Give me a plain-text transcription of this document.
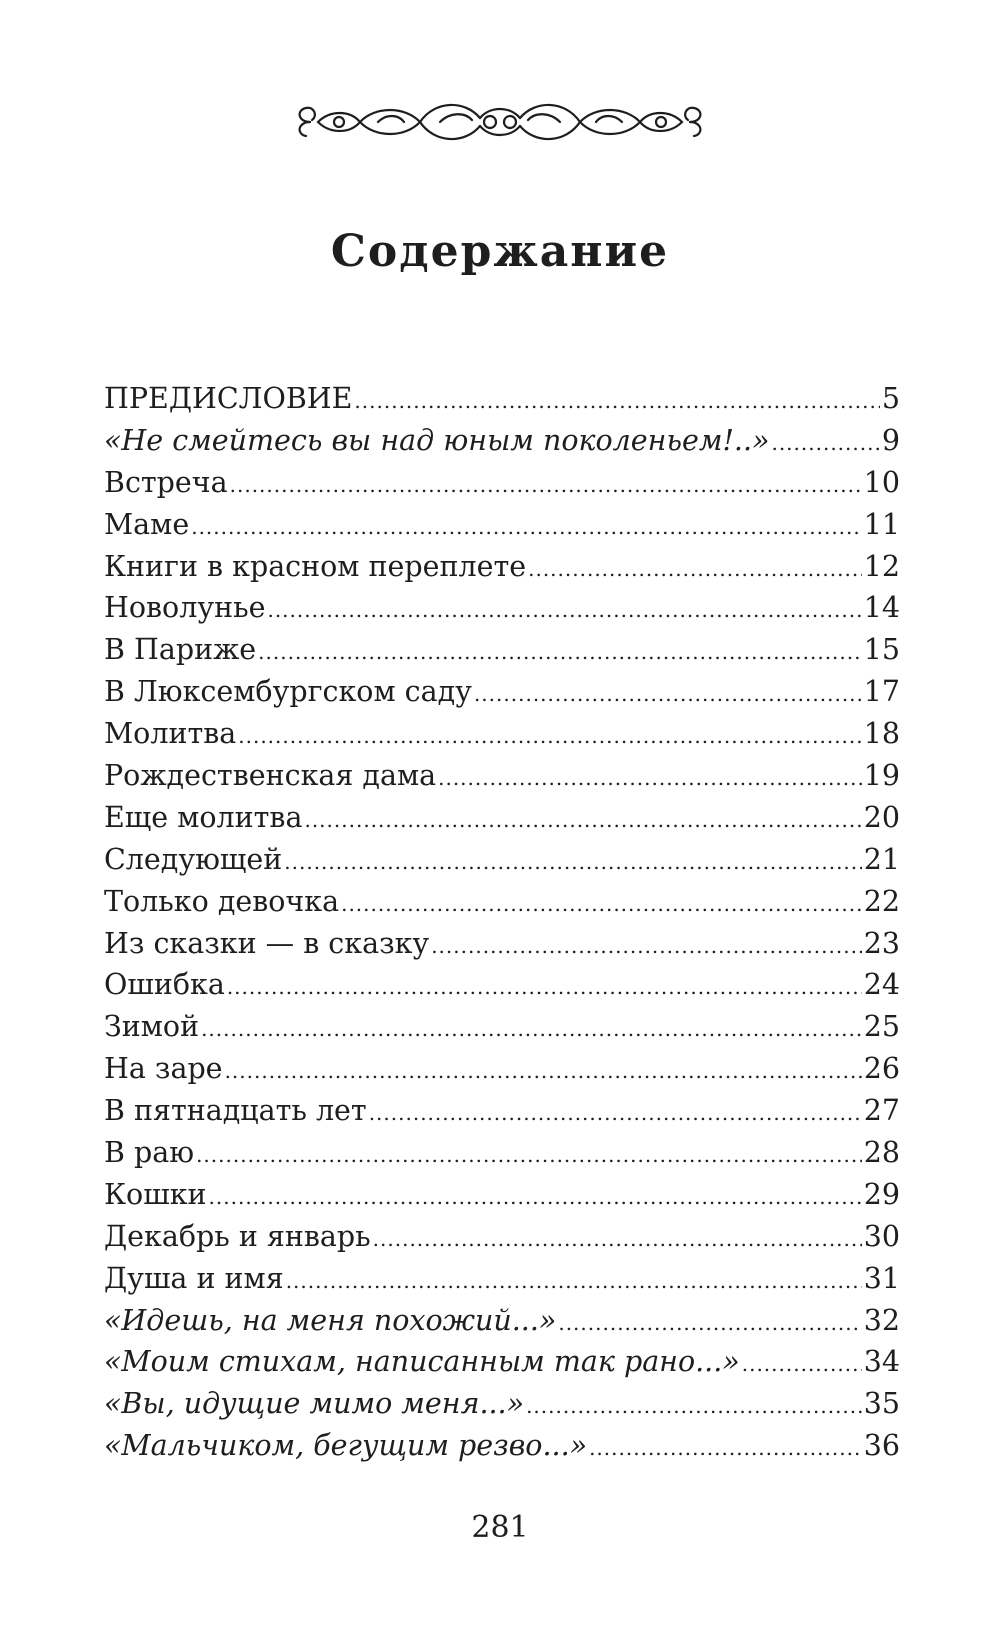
Содержание
ПРЕДИСЛОВИЕ .....	5
«Не смейтесь вы над юным поколеньем!..» .....	9
Встреча .....	10
Маме .....	11
Книги в красном переплете .....	12
Новолунье .....	14
В Париже .....	15
В Люксембургском саду .....	17
Молитва .....	18
Рождественская дама .....	19
Еще молитва .....	20
Следующей .....	21
Только девочка .....	22
Из сказки — в сказку .....	23
Ошибка .....	24
Зимой .....	25
На заре .....	26
В пятнадцать лет .....	27
В раю .....	28
Кошки .....	29
Декабрь и январь .....	30
Душа и имя .....	31
«Идешь, на меня похожий...» .....	32
«Моим стихам, написанным так рано...» .....	34
«Вы, идущие мимо меня...» .....	35
«Мальчиком, бегущим резво...» .....	36
281
